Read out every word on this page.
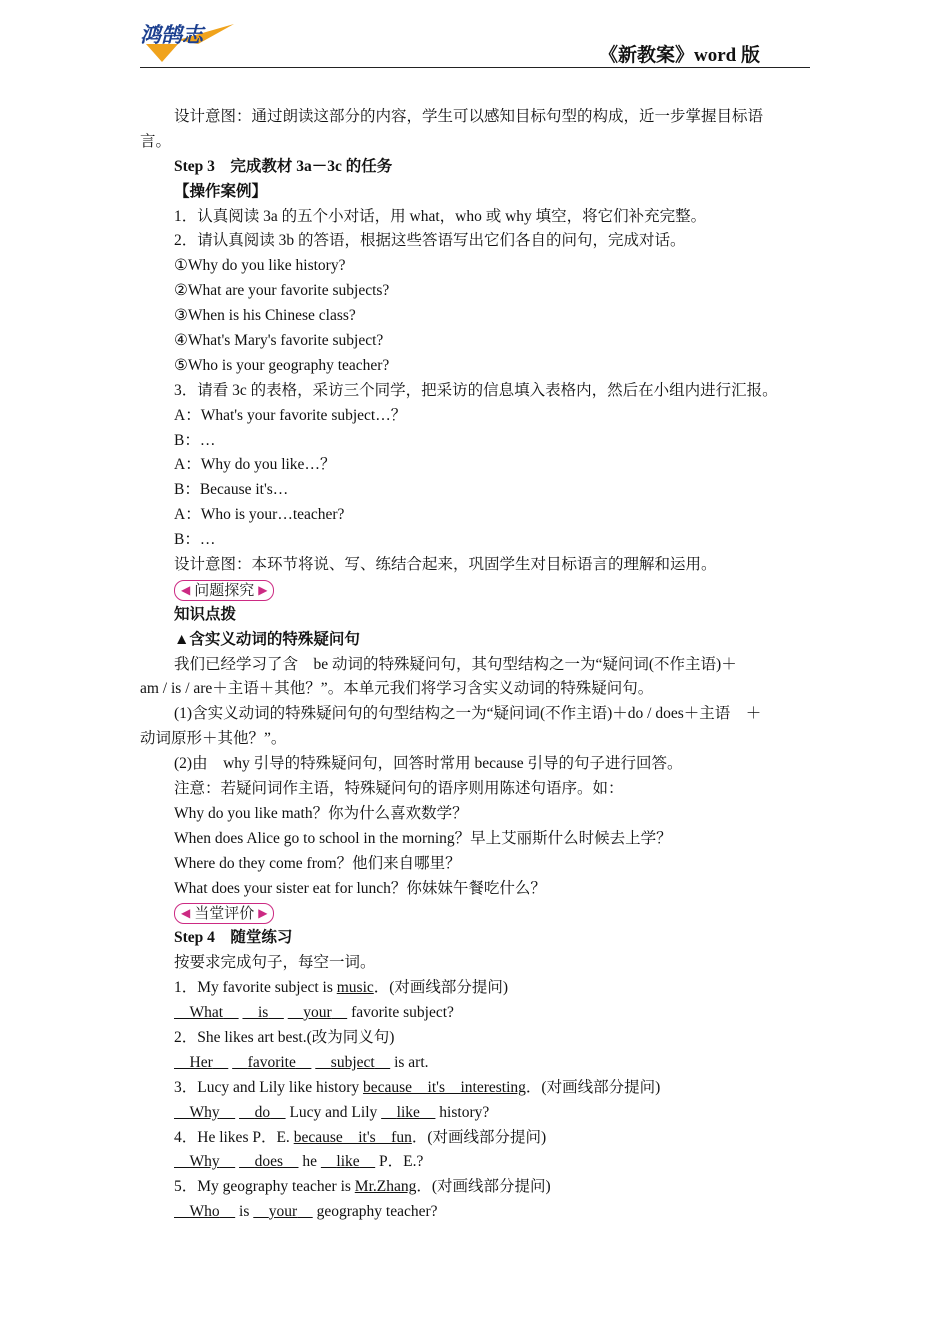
鸿鹄志
《新教案》word 版
设计意图：通过朗读这部分的内容，学生可以感知目标句型的构成，近一步掌握目标语
言。
Step 3　完成教材 3a－3c 的任务
【操作案例】
1．认真阅读 3a 的五个小对话，用 what，who 或 why 填空，将它们补充完整。
2．请认真阅读 3b 的答语，根据这些答语写出它们各自的问句，完成对话。
①Why do you like history?
②What are your favorite subjects?
③When is his Chinese class?
④What's Mary's favorite subject?
⑤Who is your geography teacher?
3．请看 3c 的表格，采访三个同学，把采访的信息填入表格内，然后在小组内进行汇报。
A：What's your favorite subject…？
B：…
A：Why do you like…？
B：Because it's…
A：Who is your…teacher?
B：…
设计意图：本环节将说、写、练结合起来，巩固学生对目标语言的理解和运用。
◀ 问题探究 ▶
知识点拨
▲含实义动词的特殊疑问句
我们已经学习了含　be 动词的特殊疑问句，其句型结构之一为“疑问词(不作主语)＋
am / is / are＋主语＋其他？”。本单元我们将学习含实义动词的特殊疑问句。
(1)含实义动词的特殊疑问句的句型结构之一为“疑问词(不作主语)＋do / does＋主语　＋
动词原形＋其他？”。
(2)由　why 引导的特殊疑问句，回答时常用 because 引导的句子进行回答。
注意：若疑问词作主语，特殊疑问句的语序则用陈述句语序。如：
Why do you like math？你为什么喜欢数学？
When does Alice go to school in the morning？早上艾丽斯什么时候去上学？
Where do they come from？他们来自哪里？
What does your sister eat for lunch？你妹妹午餐吃什么？
◀ 当堂评价 ▶
Step 4　随堂练习
按要求完成句子，每空一词。
1．My favorite subject is music．(对画线部分提问)
　What　 　 is　 　 your　 favorite subject?
2．She likes art best.(改为同义句)
　Her　 　 favorite　 　 subject　 is art.
3．Lucy and Lily like history because　it's　interesting．(对画线部分提问)
　Why　 　 do　 Lucy and Lily 　 like　 history?
4．He likes P．E. because　it's　fun．(对画线部分提问)
　Why　 　 does　 he 　 like　 P．E.?
5．My geography teacher is Mr.Zhang．(对画线部分提问)
　Who　 is 　 your　 geography teacher?
